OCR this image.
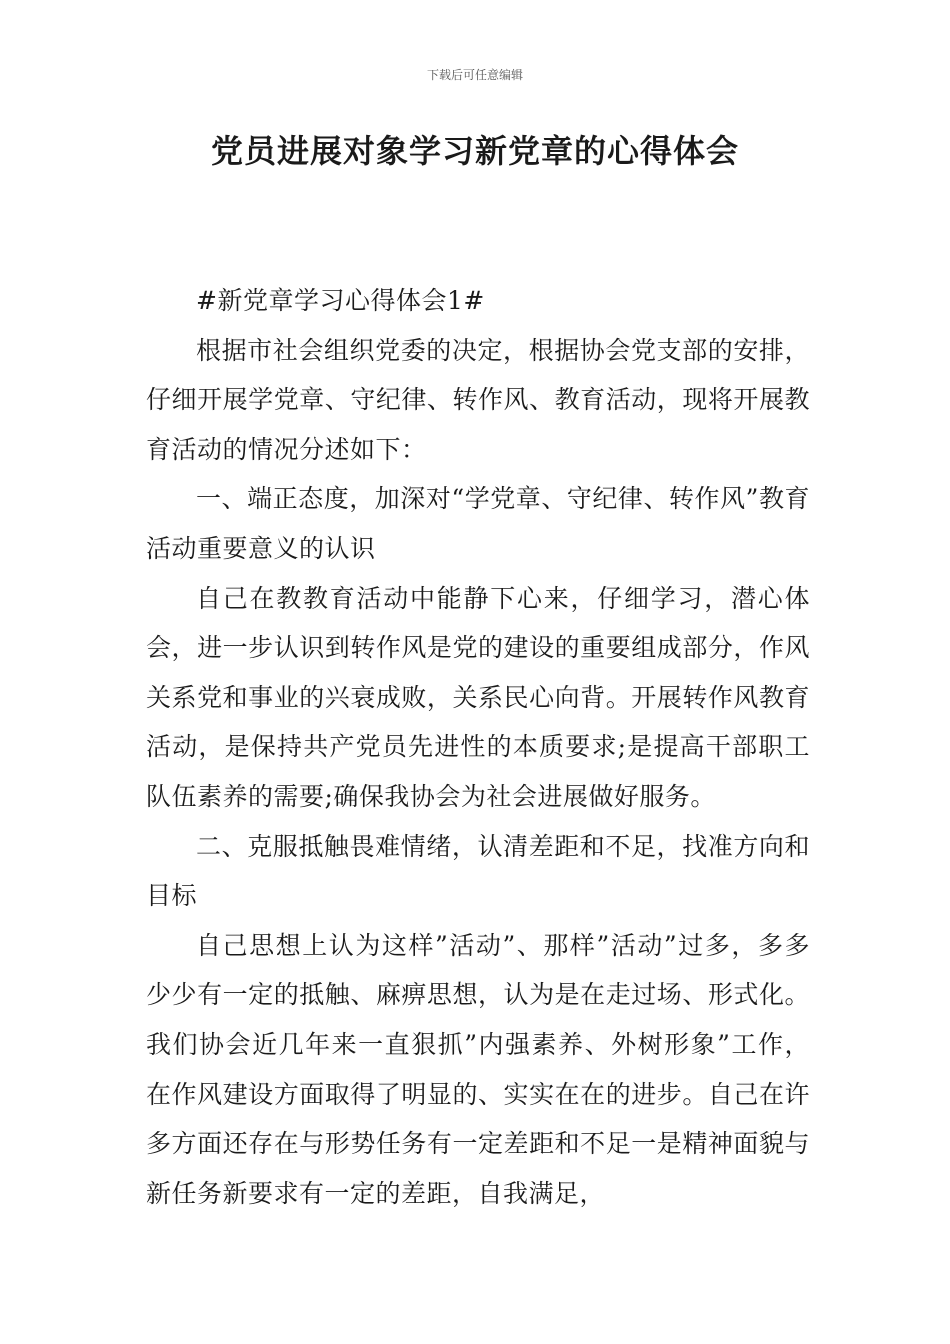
下载后可任意编辑
党员进展对象学习新党章的心得体会

#新党章学习心得体会1#

根据市社会组织党委的决定，根据协会党支部的安排，仔细开展学党章、守纪律、转作风、教育活动，现将开展教育活动的情况分述如下：

一、端正态度，加深对“学党章、守纪律、转作风”教育活动重要意义的认识

自己在教教育活动中能静下心来，仔细学习，潜心体会，进一步认识到转作风是党的建设的重要组成部分，作风关系党和事业的兴衰成败，关系民心向背。开展转作风教育活动，是保持共产党员先进性的本质要求;是提高干部职工队伍素养的需要;确保我协会为社会进展做好服务。

二、克服抵触畏难情绪，认清差距和不足，找准方向和目标

自己思想上认为这样”活动”、那样”活动”过多，多多少少有一定的抵触、麻痹思想，认为是在走过场、形式化。我们协会近几年来一直狠抓”内强素养、外树形象”工作，在作风建设方面取得了明显的、实实在在的进步。自己在许多方面还存在与形势任务有一定差距和不足一是精神面貌与新任务新要求有一定的差距，自我满足，
